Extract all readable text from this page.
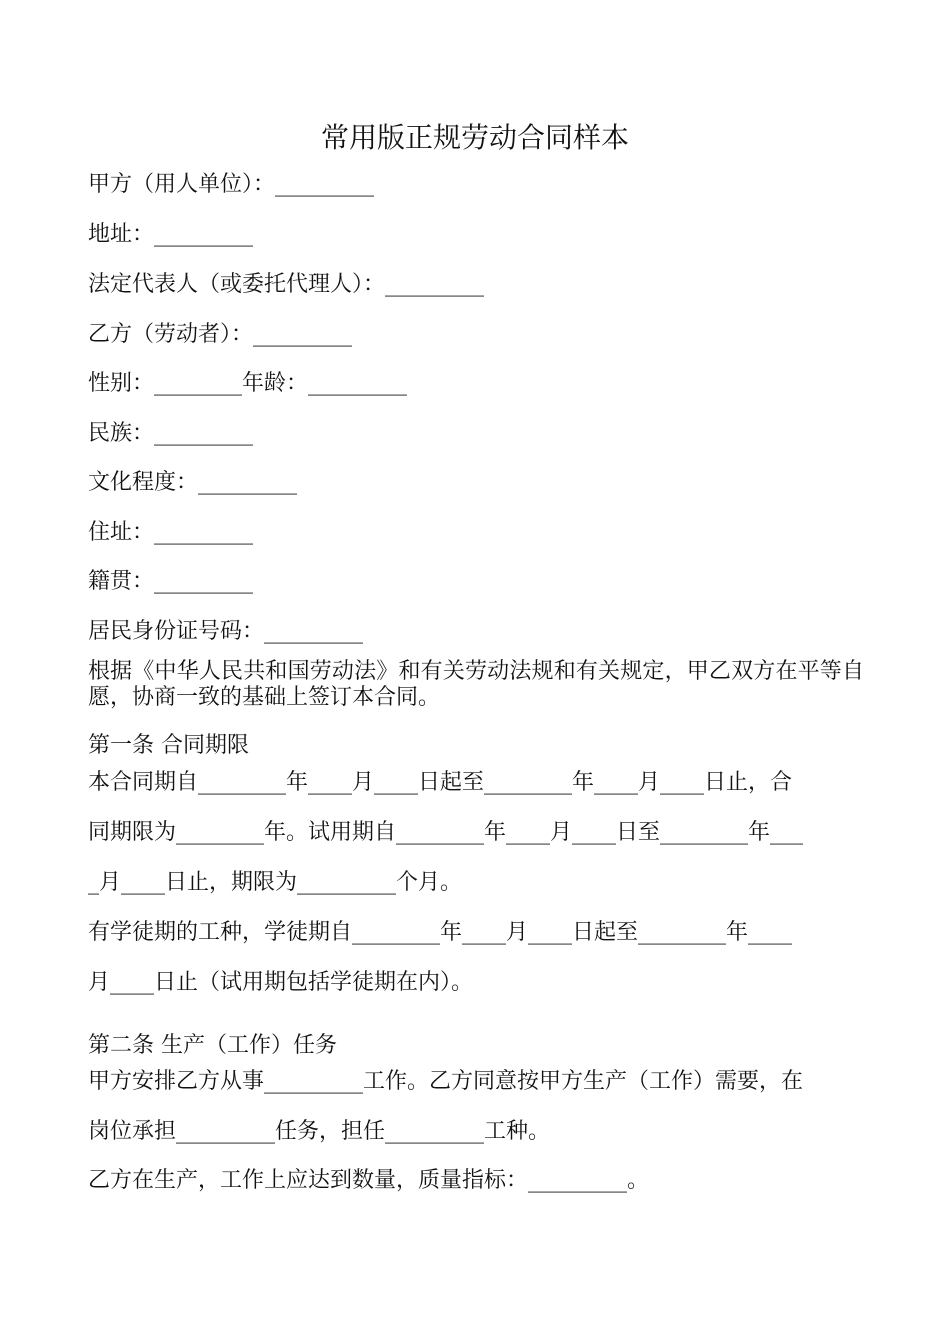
常用版正规劳动合同样本

甲方（用人单位）：_________

地址：_________

法定代表人（或委托代理人）：_________

乙方（劳动者）：_________

性别：________年龄：_________

民族：_________

文化程度：_________

住址：_________

籍贯：_________

居民身份证号码：_________

根据《中华人民共和国劳动法》和有关劳动法规和有关规定，甲乙双方在平等自愿，协商一致的基础上签订本合同。

第一条 合同期限

本合同期自________年____月____日起至________年____月____日止，合

同期限为________年。试用期自________年____月____日至________年___

_月____日止，期限为_________个月。

有学徒期的工种，学徒期自________年____月____日起至________年____

月____日止（试用期包括学徒期在内）。

第二条 生产（工作）任务

甲方安排乙方从事_________工作。乙方同意按甲方生产（工作）需要，在

岗位承担_________任务，担任_________工种。

乙方在生产，工作上应达到数量，质量指标：_________。
